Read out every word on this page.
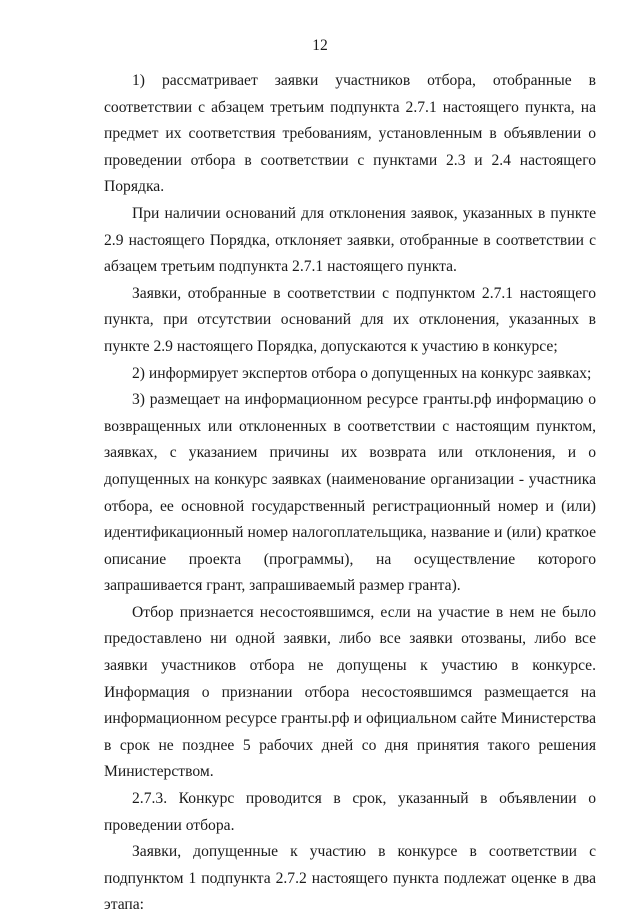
12

1) рассматривает заявки участников отбора, отобранные в соответствии с абзацем третьим подпункта 2.7.1 настоящего пункта, на предмет их соответствия требованиям, установленным в объявлении о проведении отбора в соответствии с пунктами 2.3 и 2.4 настоящего Порядка.

При наличии оснований для отклонения заявок, указанных в пункте 2.9 настоящего Порядка, отклоняет заявки, отобранные в соответствии с абзацем третьим подпункта 2.7.1 настоящего пункта.

Заявки, отобранные в соответствии с подпунктом 2.7.1 настоящего пункта, при отсутствии оснований для их отклонения, указанных в пункте 2.9 настоящего Порядка, допускаются к участию в конкурсе;

2) информирует экспертов отбора о допущенных на конкурс заявках;

3) размещает на информационном ресурсе гранты.рф информацию о возвращенных или отклоненных в соответствии с настоящим пунктом, заявках, с указанием причины их возврата или отклонения, и о допущенных на конкурс заявках (наименование организации - участника отбора, ее основной государственный регистрационный номер и (или) идентификационный номер налогоплательщика, название и (или) краткое описание проекта (программы), на осуществление которого запрашивается грант, запрашиваемый размер гранта).

Отбор признается несостоявшимся, если на участие в нем не было предоставлено ни одной заявки, либо все заявки отозваны, либо все заявки участников отбора не допущены к участию в конкурсе. Информация о признании отбора несостоявшимся размещается на информационном ресурсе гранты.рф и официальном сайте Министерства в срок не позднее 5 рабочих дней со дня принятия такого решения Министерством.

2.7.3. Конкурс проводится в срок, указанный в объявлении о проведении отбора.

Заявки, допущенные к участию в конкурсе в соответствии с подпунктом 1 подпункта 2.7.2 настоящего пункта подлежат оценке в два этапа:
